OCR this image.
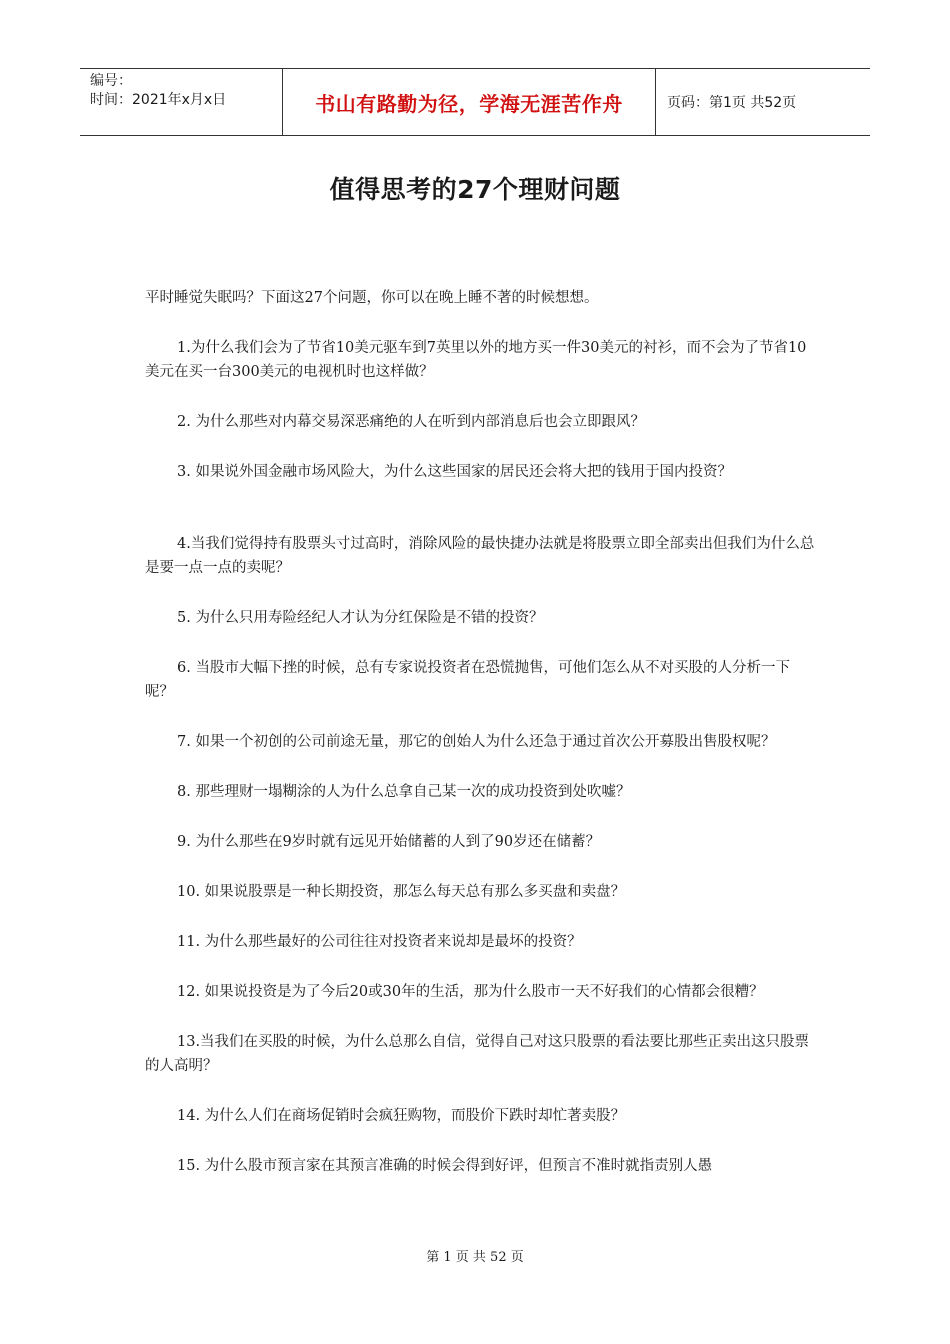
编号：
时间：2021年x月x日	书山有路勤为径，学海无涯苦作舟	页码：第1页 共52页
值得思考的27个理财问题

平时睡觉失眠吗？下面这27个问题，你可以在晚上睡不著的时候想想。

1.为什么我们会为了节省10美元驱车到7英里以外的地方买一件30美元的衬衫，而不会为了节省10美元在买一台300美元的电视机时也这样做？

2. 为什么那些对内幕交易深恶痛绝的人在听到内部消息后也会立即跟风？

3. 如果说外国金融市场风险大，为什么这些国家的居民还会将大把的钱用于国内投资？

4.当我们觉得持有股票头寸过高时，消除风险的最快捷办法就是将股票立即全部卖出但我们为什么总是要一点一点的卖呢？

5. 为什么只用寿险经纪人才认为分红保险是不错的投资？

6. 当股市大幅下挫的时候，总有专家说投资者在恐慌抛售，可他们怎么从不对买股的人分析一下呢？

7. 如果一个初创的公司前途无量，那它的创始人为什么还急于通过首次公开募股出售股权呢？

8. 那些理财一塌糊涂的人为什么总拿自己某一次的成功投资到处吹嘘？

9. 为什么那些在9岁时就有远见开始储蓄的人到了90岁还在储蓄？

10. 如果说股票是一种长期投资，那怎么每天总有那么多买盘和卖盘？

11. 为什么那些最好的公司往往对投资者来说却是最坏的投资？

12. 如果说投资是为了今后20或30年的生活，那为什么股市一天不好我们的心情都会很糟？

13.当我们在买股的时候，为什么总那么自信，觉得自己对这只股票的看法要比那些正卖出这只股票的人高明？

14. 为什么人们在商场促销时会疯狂购物，而股价下跌时却忙著卖股？

15. 为什么股市预言家在其预言准确的时候会得到好评，但预言不准时就指责别人愚

第 1 页 共 52 页
